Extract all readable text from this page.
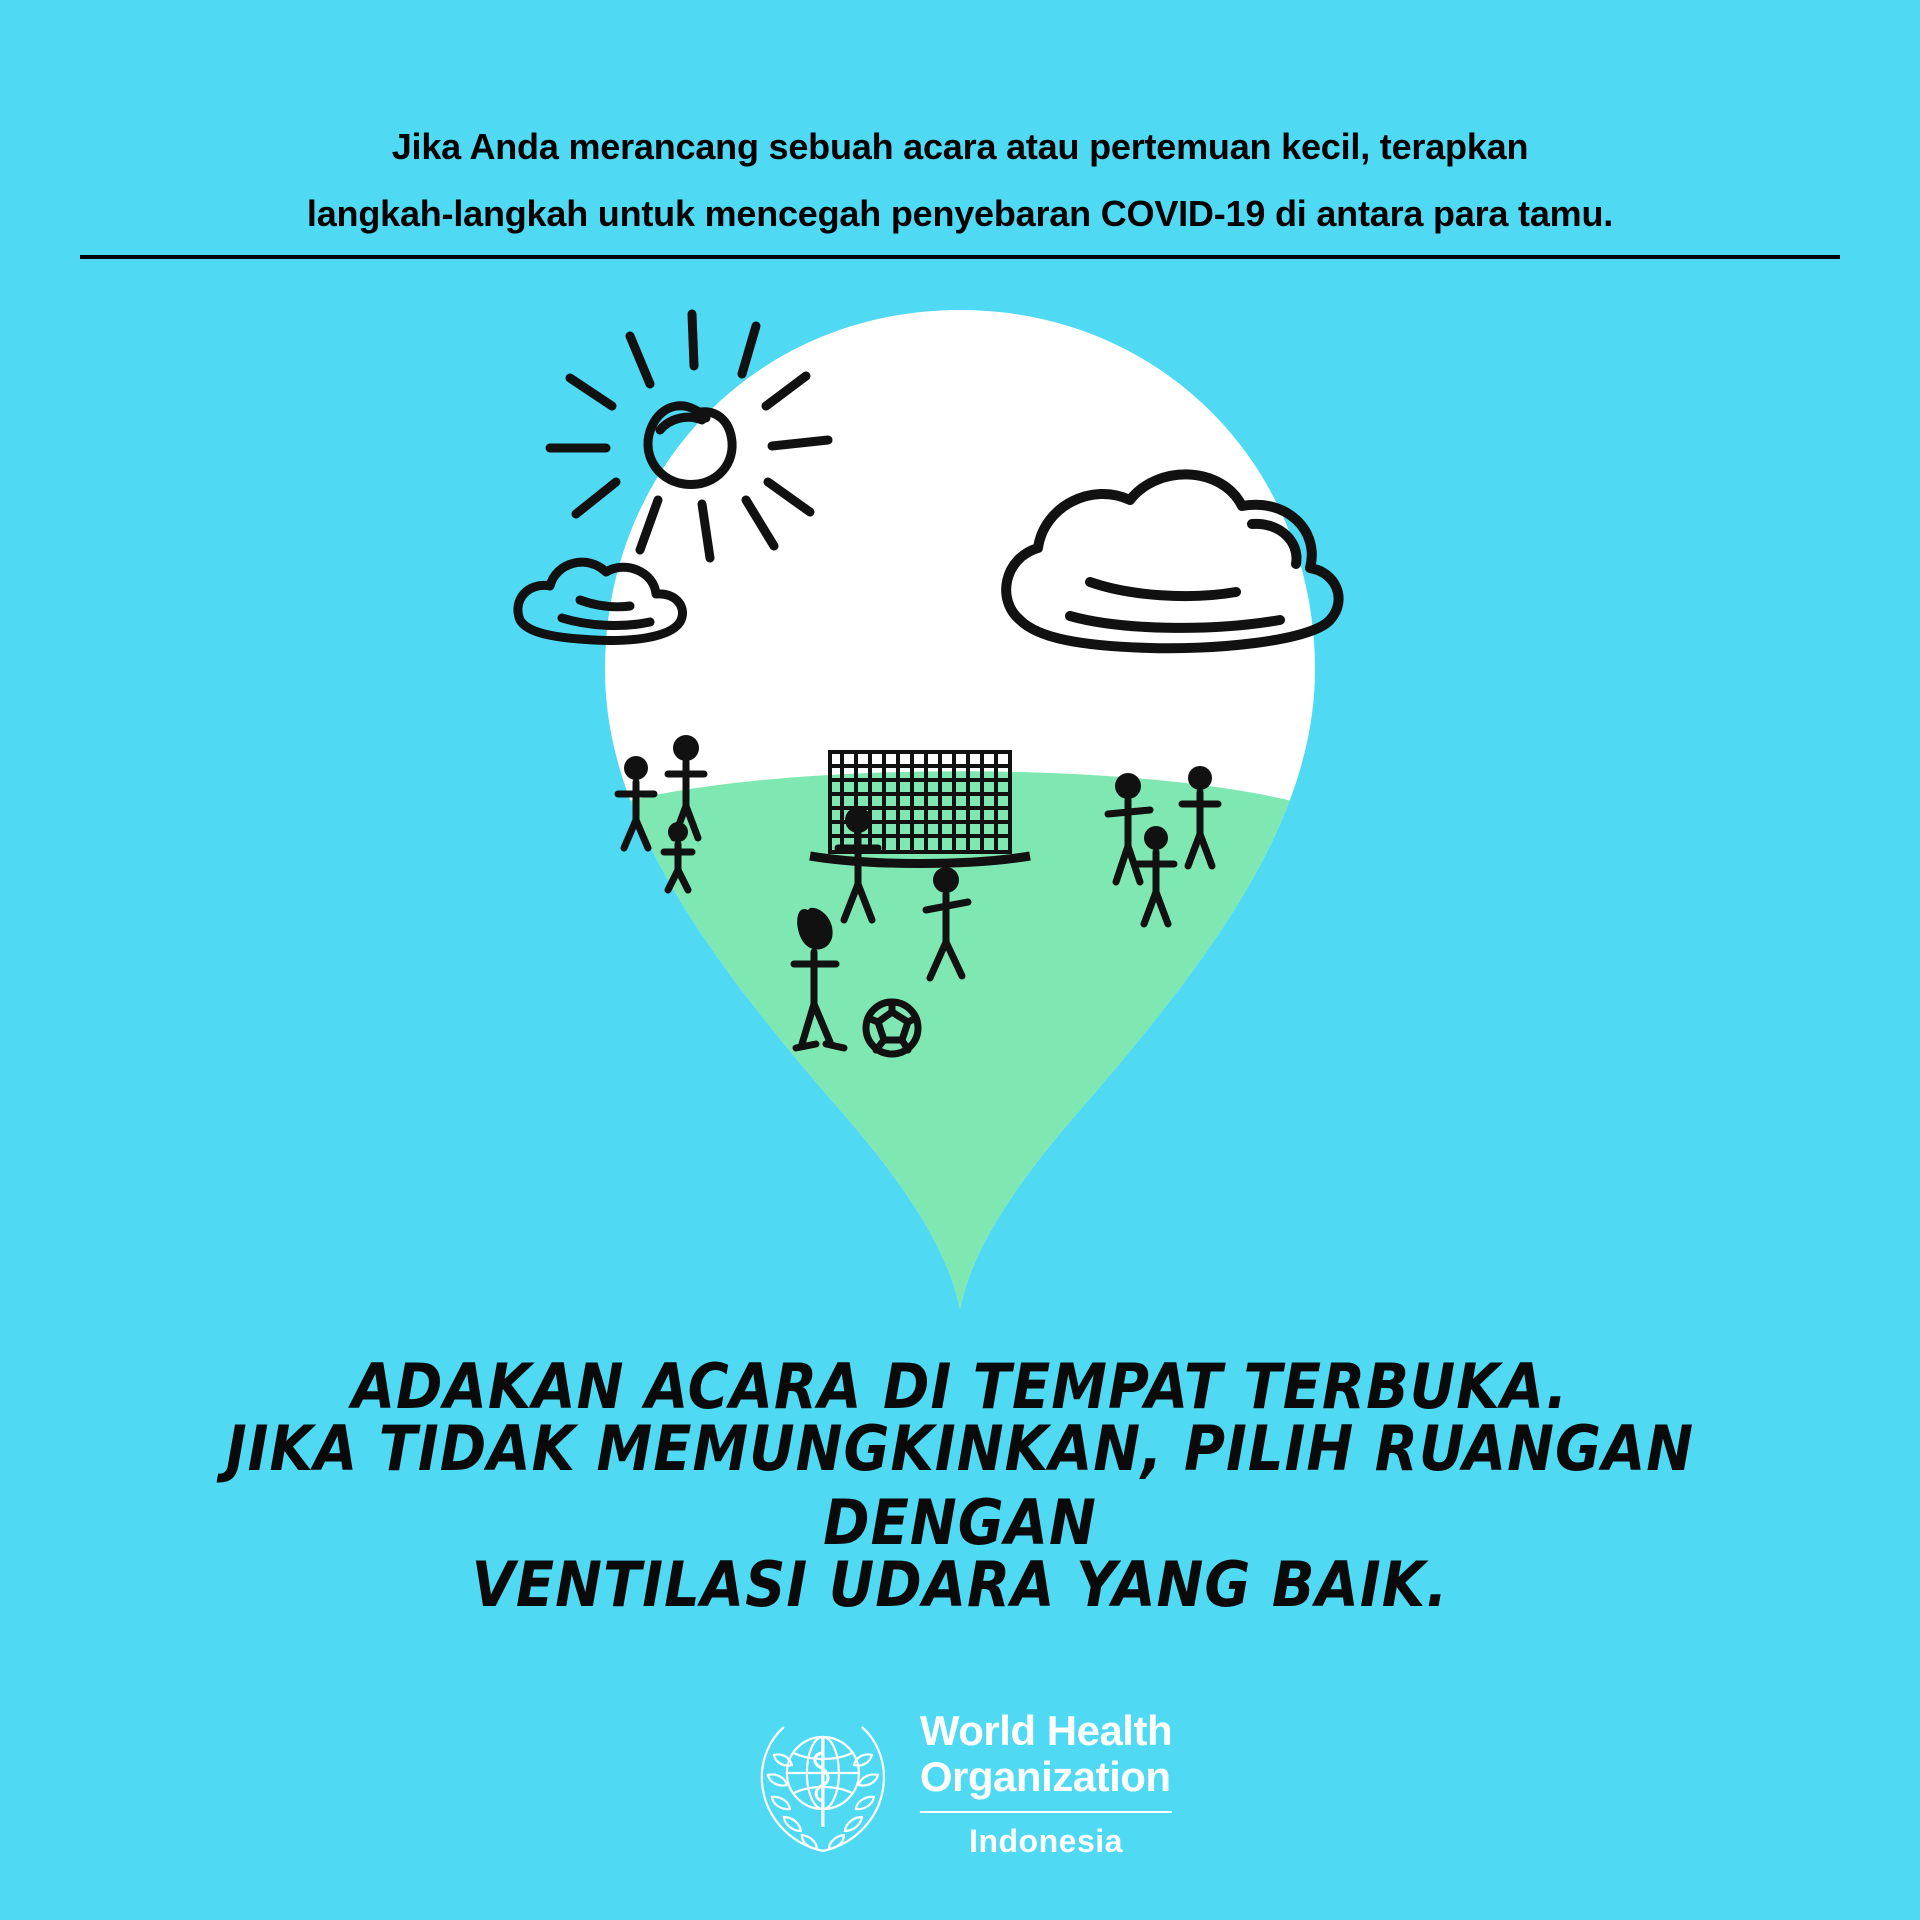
Jika Anda merancang sebuah acara atau pertemuan kecil, terapkan
langkah-langkah untuk mencegah penyebaran COVID-19 di antara para tamu.
ADAKAN ACARA DI TEMPAT TERBUKA.
JIKA TIDAK MEMUNGKINKAN, PILIH RUANGAN DENGAN
VENTILASI UDARA YANG BAIK.
World Health
Organization
Indonesia
